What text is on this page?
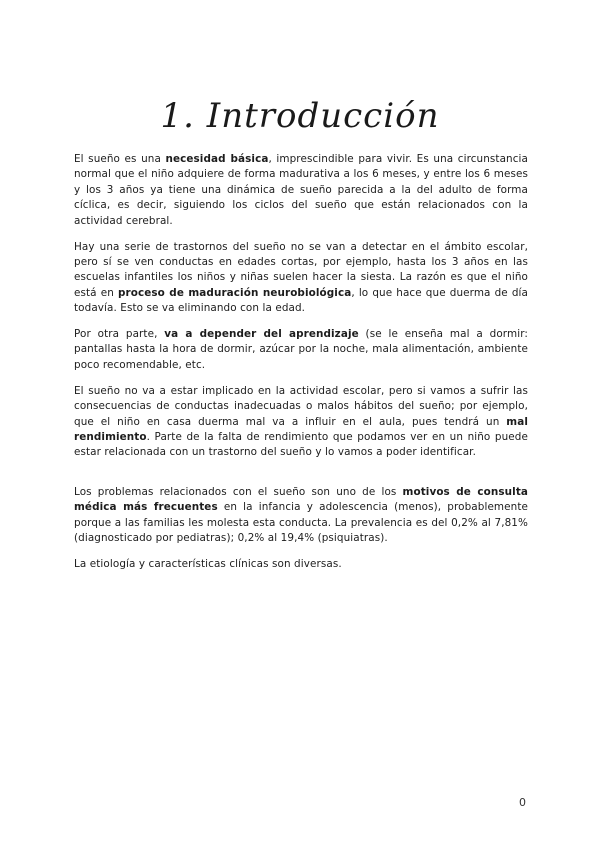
1. Introducción

El sueño es una necesidad básica, imprescindible para vivir. Es una circunstancia normal que el niño adquiere de forma madurativa a los 6 meses, y entre los 6 meses y los 3 años ya tiene una dinámica de sueño parecida a la del adulto de forma cíclica, es decir, siguiendo los ciclos del sueño que están relacionados con la actividad cerebral.

Hay una serie de trastornos del sueño no se van a detectar en el ámbito escolar, pero sí se ven conductas en edades cortas, por ejemplo, hasta los 3 años en las escuelas infantiles los niños y niñas suelen hacer la siesta. La razón es que el niño está en proceso de maduración neurobiológica, lo que hace que duerma de día todavía. Esto se va eliminando con la edad.

Por otra parte, va a depender del aprendizaje (se le enseña mal a dormir: pantallas hasta la hora de dormir, azúcar por la noche, mala alimentación, ambiente poco recomendable, etc.

El sueño no va a estar implicado en la actividad escolar, pero si vamos a sufrir las consecuencias de conductas inadecuadas o malos hábitos del sueño; por ejemplo, que el niño en casa duerma mal va a influir en el aula, pues tendrá un mal rendimiento. Parte de la falta de rendimiento que podamos ver en un niño puede estar relacionada con un trastorno del sueño y lo vamos a poder identificar.

Los problemas relacionados con el sueño son uno de los motivos de consulta médica más frecuentes en la infancia y adolescencia (menos), probablemente porque a las familias les molesta esta conducta. La prevalencia es del 0,2% al 7,81% (diagnosticado por pediatras); 0,2% al 19,4% (psiquiatras).

La etiología y características clínicas son diversas.

0
